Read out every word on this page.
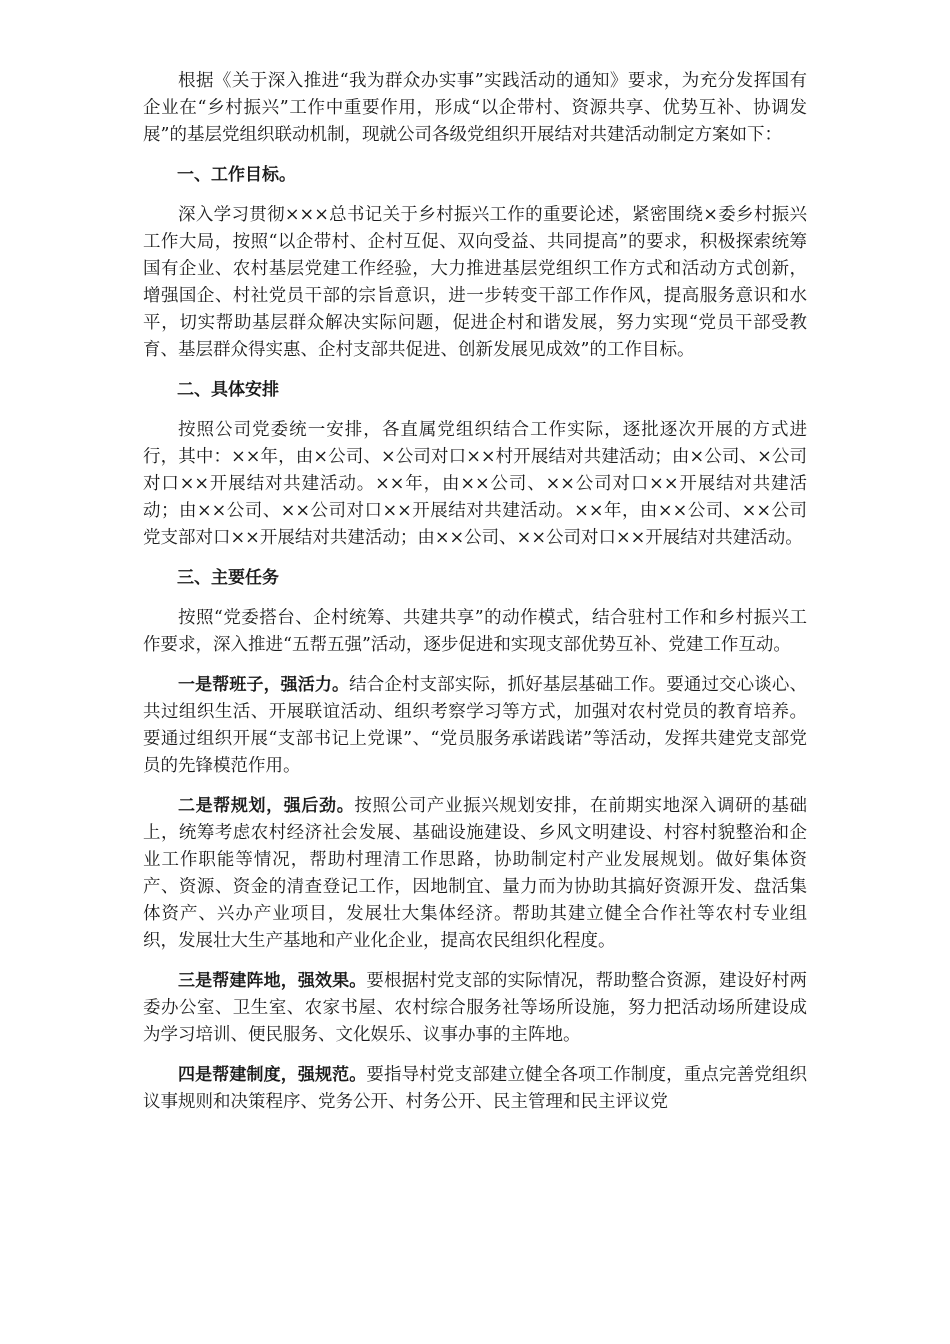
根据《关于深入推进“我为群众办实事”实践活动的通知》要求，为充分发挥国有企业在“乡村振兴”工作中重要作用，形成“以企带村、资源共享、优势互补、协调发展”的基层党组织联动机制，现就公司各级党组织开展结对共建活动制定方案如下：

一、工作目标。

深入学习贯彻×××总书记关于乡村振兴工作的重要论述，紧密围绕×委乡村振兴工作大局，按照“以企带村、企村互促、双向受益、共同提高”的要求，积极探索统筹国有企业、农村基层党建工作经验，大力推进基层党组织工作方式和活动方式创新，增强国企、村社党员干部的宗旨意识，进一步转变干部工作作风，提高服务意识和水平，切实帮助基层群众解决实际问题，促进企村和谐发展，努力实现“党员干部受教育、基层群众得实惠、企村支部共促进、创新发展见成效”的工作目标。

二、具体安排

按照公司党委统一安排，各直属党组织结合工作实际，逐批逐次开展的方式进行，其中：××年，由×公司、×公司对口××村开展结对共建活动；由×公司、×公司对口××开展结对共建活动。××年，由××公司、××公司对口××开展结对共建活动；由××公司、××公司对口××开展结对共建活动。××年，由××公司、××公司党支部对口××开展结对共建活动；由××公司、××公司对口××开展结对共建活动。

三、主要任务

按照“党委搭台、企村统筹、共建共享”的动作模式，结合驻村工作和乡村振兴工作要求，深入推进“五帮五强”活动，逐步促进和实现支部优势互补、党建工作互动。

一是帮班子，强活力。结合企村支部实际，抓好基层基础工作。要通过交心谈心、共过组织生活、开展联谊活动、组织考察学习等方式，加强对农村党员的教育培养。要通过组织开展“支部书记上党课”、“党员服务承诺践诺”等活动，发挥共建党支部党员的先锋模范作用。

二是帮规划，强后劲。按照公司产业振兴规划安排，在前期实地深入调研的基础上，统筹考虑农村经济社会发展、基础设施建设、乡风文明建设、村容村貌整治和企业工作职能等情况，帮助村理清工作思路，协助制定村产业发展规划。做好集体资产、资源、资金的清查登记工作，因地制宜、量力而为协助其搞好资源开发、盘活集体资产、兴办产业项目，发展壮大集体经济。帮助其建立健全合作社等农村专业组织，发展壮大生产基地和产业化企业，提高农民组织化程度。

三是帮建阵地，强效果。要根据村党支部的实际情况，帮助整合资源，建设好村两委办公室、卫生室、农家书屋、农村综合服务社等场所设施，努力把活动场所建设成为学习培训、便民服务、文化娱乐、议事办事的主阵地。

四是帮建制度，强规范。要指导村党支部建立健全各项工作制度，重点完善党组织议事规则和决策程序、党务公开、村务公开、民主管理和民主评议党
